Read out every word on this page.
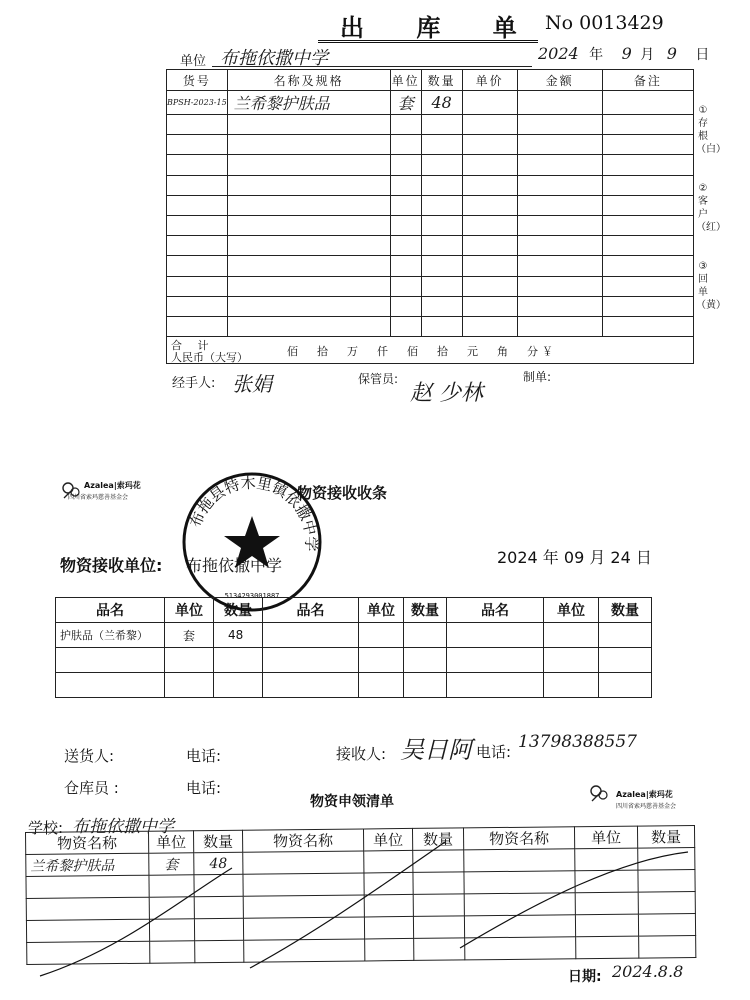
出 库 单 No 0013429
单位 布拖依撒中学	2024 年 9 月 9 日
货号	名称及规格	单位	数量	单价	金额	备注
BPSH-2023-15	兰希黎护肤品	套	48			

合 计
人民币（大写） 佰　拾　万　仟　佰　拾　元　角　分￥						
①存根（白）
②客户（红）
③回单（黄）
经手人: 张娟	保管员:
赵 少林
制单:
Azalea|索玛花
四川省索玛慈善基金会	物资接收收条
布拖县特木里镇依撒中学
5134293001887
物资接收单位: 布拖依撒中学	2024 年 09 月 24 日
品名	单位	数量	品名	单位	数量	品名	单位	数量
护肤品（兰希黎）	套	48						

送货人:	电话:	接收人: 吴日阿 电话: 13798388557
仓库员 :	电话:
物资申领清单	Azalea|索玛花
四川省索玛慈善基金会
学校: 布拖依撒中学
物资名称	单位	数量	物资名称	单位	数量	物资名称	单位	数量
兰希黎护肤品	套	48						

日期: 2024.8.8
